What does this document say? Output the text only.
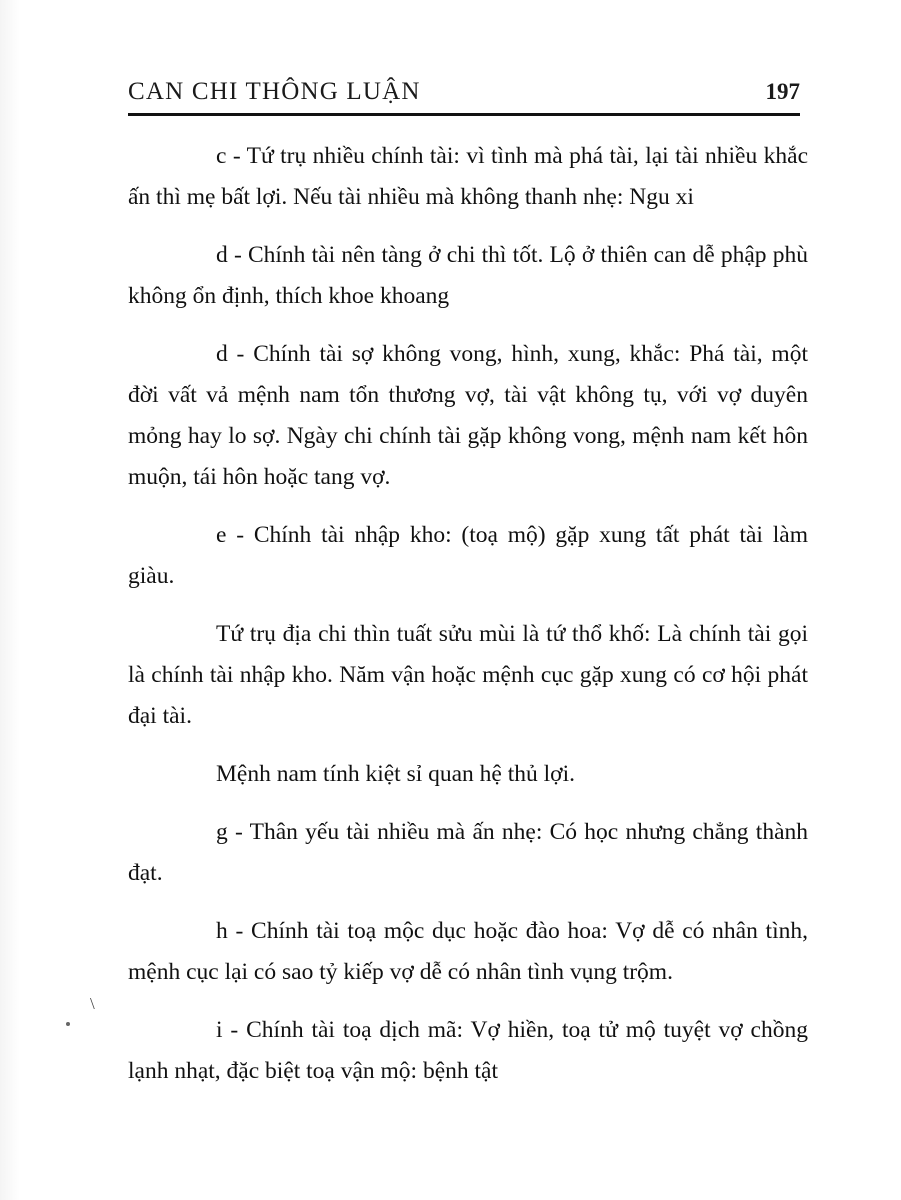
CAN CHI THÔNG LUẬN	197

c - Tứ trụ nhiều chính tài: vì tình mà phá tài, lại tài nhiều khắc ấn thì mẹ bất lợi. Nếu tài nhiều mà không thanh nhẹ: Ngu xi

d - Chính tài nên tàng ở chi thì tốt. Lộ ở thiên can dễ phập phù không ổn định, thích khoe khoang

d - Chính tài sợ không vong, hình, xung, khắc: Phá tài, một đời vất vả mệnh nam tổn thương vợ, tài vật không tụ, với vợ duyên mỏng hay lo sợ. Ngày chi chính tài gặp không vong, mệnh nam kết hôn muộn, tái hôn hoặc tang vợ.

e - Chính tài nhập kho: (toạ mộ) gặp xung tất phát tài làm giàu.

Tứ trụ địa chi thìn tuất sửu mùi là tứ thổ khố: Là chính tài gọi là chính tài nhập kho. Năm vận hoặc mệnh cục gặp xung có cơ hội phát đại tài.

Mệnh nam tính kiệt sỉ quan hệ thủ lợi.

g - Thân yếu tài nhiều mà ấn nhẹ: Có học nhưng chẳng thành đạt.

h - Chính tài toạ mộc dục hoặc đào hoa: Vợ dễ có nhân tình, mệnh cục lại có sao tỷ kiếp vợ dễ có nhân tình vụng trộm.

i - Chính tài toạ dịch mã: Vợ hiền, toạ tử mộ tuyệt vợ chồng lạnh nhạt, đặc biệt toạ vận mộ: bệnh tật

\
